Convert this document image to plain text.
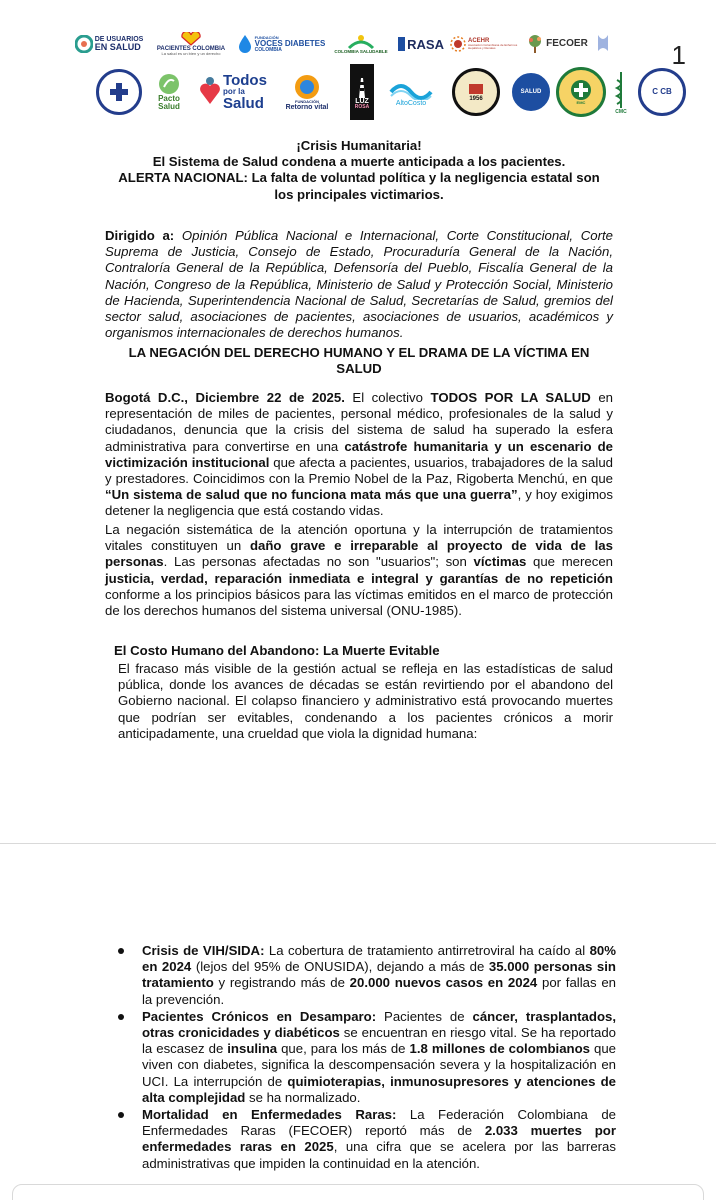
1
DE USUARIOS
EN SALUD	PACIENTES COLOMBIA
La salud es un bien y un derecho
FUNDACIÓN
VOCES DIABETES
COLOMBIA	COLOMBIA SALUDABLE RASA	ACEHR
Asociación Colombiana de Enfermos Hepáticos y Renales	FECOER
Pacto
Salud
Todos
por la
Salud	FUNDACIÓN
Retorno vital
LUZ
ROSA
AltoCosto
1956
SALUD
EMC
CMC
C CB
¡Crisis Humanitaria!
El Sistema de Salud condena a muerte anticipada a los pacientes.
ALERTA NACIONAL: La falta de voluntad política y la negligencia estatal son los principales victimarios.
Dirigido a: Opinión Pública Nacional e Internacional, Corte Constitucional, Corte Suprema de Justicia, Consejo de Estado, Procuraduría General de la Nación, Contraloría General de la República, Defensoría del Pueblo, Fiscalía General de la Nación, Congreso de la República, Ministerio de Salud y Protección Social, Ministerio de Hacienda, Superintendencia Nacional de Salud, Secretarías de Salud, gremios del sector salud, asociaciones de pacientes, asociaciones de usuarios, académicos y organismos internacionales de derechos humanos.
LA NEGACIÓN DEL DERECHO HUMANO Y EL DRAMA DE LA VÍCTIMA EN SALUD
Bogotá D.C., Diciembre 22 de 2025. El colectivo TODOS POR LA SALUD en representación de miles de pacientes, personal médico, profesionales de la salud y ciudadanos, denuncia que la crisis del sistema de salud ha superado la esfera administrativa para convertirse en una catástrofe humanitaria y un escenario de victimización institucional que afecta a pacientes, usuarios, trabajadores de la salud y prestadores. Coincidimos con la Premio Nobel de la Paz, Rigoberta Menchú, en que “Un sistema de salud que no funciona mata más que una guerra”, y hoy exigimos detener la negligencia que está costando vidas.
La negación sistemática de la atención oportuna y la interrupción de tratamientos vitales constituyen un daño grave e irreparable al proyecto de vida de las personas. Las personas afectadas no son "usuarios"; son víctimas que merecen justicia, verdad, reparación inmediata e integral y garantías de no repetición conforme a los principios básicos para las víctimas emitidos en el marco de protección de los derechos humanos del sistema universal (ONU-1985).
El Costo Humano del Abandono: La Muerte Evitable
El fracaso más visible de la gestión actual se refleja en las estadísticas de salud pública, donde los avances de décadas se están revirtiendo por el abandono del Gobierno nacional. El colapso financiero y administrativo está provocando muertes que podrían ser evitables, condenando a los pacientes crónicos a morir anticipadamente, una crueldad que viola la dignidad humana:
Crisis de VIH/SIDA: La cobertura de tratamiento antirretroviral ha caído al 80% en 2024 (lejos del 95% de ONUSIDA), dejando a más de 35.000 personas sin tratamiento y registrando más de 20.000 nuevos casos en 2024 por fallas en la prevención.
Pacientes Crónicos en Desamparo: Pacientes de cáncer, trasplantados, otras cronicidades y diabéticos se encuentran en riesgo vital. Se ha reportado la escasez de insulina que, para los más de 1.8 millones de colombianos que viven con diabetes, significa la descompensación severa y la hospitalización en UCI. La interrupción de quimioterapias, inmunosupresores y atenciones de alta complejidad se ha normalizado.
Mortalidad en Enfermedades Raras: La Federación Colombiana de Enfermedades Raras (FECOER) reportó más de 2.033 muertes por enfermedades raras en 2025, una cifra que se acelera por las barreras administrativas que impiden la continuidad en la atención.
